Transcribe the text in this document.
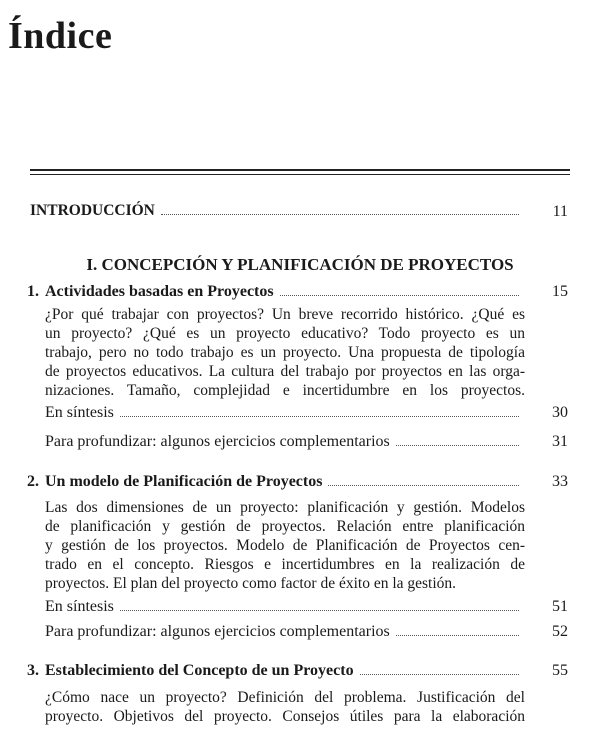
Índice
INTRODUCCIÓN	11
I. CONCEPCIÓN Y PLANIFICACIÓN DE PROYECTOS
1. Actividades basadas en Proyectos	15
¿Por qué trabajar con proyectos? Un breve recorrido histórico. ¿Qué es
un proyecto? ¿Qué es un proyecto educativo? Todo proyecto es un
trabajo, pero no todo trabajo es un proyecto. Una propuesta de tipología
de proyectos educativos. La cultura del trabajo por proyectos en las orga-
nizaciones. Tamaño, complejidad e incertidumbre en los proyectos.
En síntesis	30
Para profundizar: algunos ejercicios complementarios	31
2. Un modelo de Planificación de Proyectos	33
Las dos dimensiones de un proyecto: planificación y gestión. Modelos
de planificación y gestión de proyectos. Relación entre planificación
y gestión de los proyectos. Modelo de Planificación de Proyectos cen-
trado en el concepto. Riesgos e incertidumbres en la realización de
proyectos. El plan del proyecto como factor de éxito en la gestión.
En síntesis	51
Para profundizar: algunos ejercicios complementarios	52
3. Establecimiento del Concepto de un Proyecto	55
¿Cómo nace un proyecto? Definición del problema. Justificación del
proyecto. Objetivos del proyecto. Consejos útiles para la elaboración
